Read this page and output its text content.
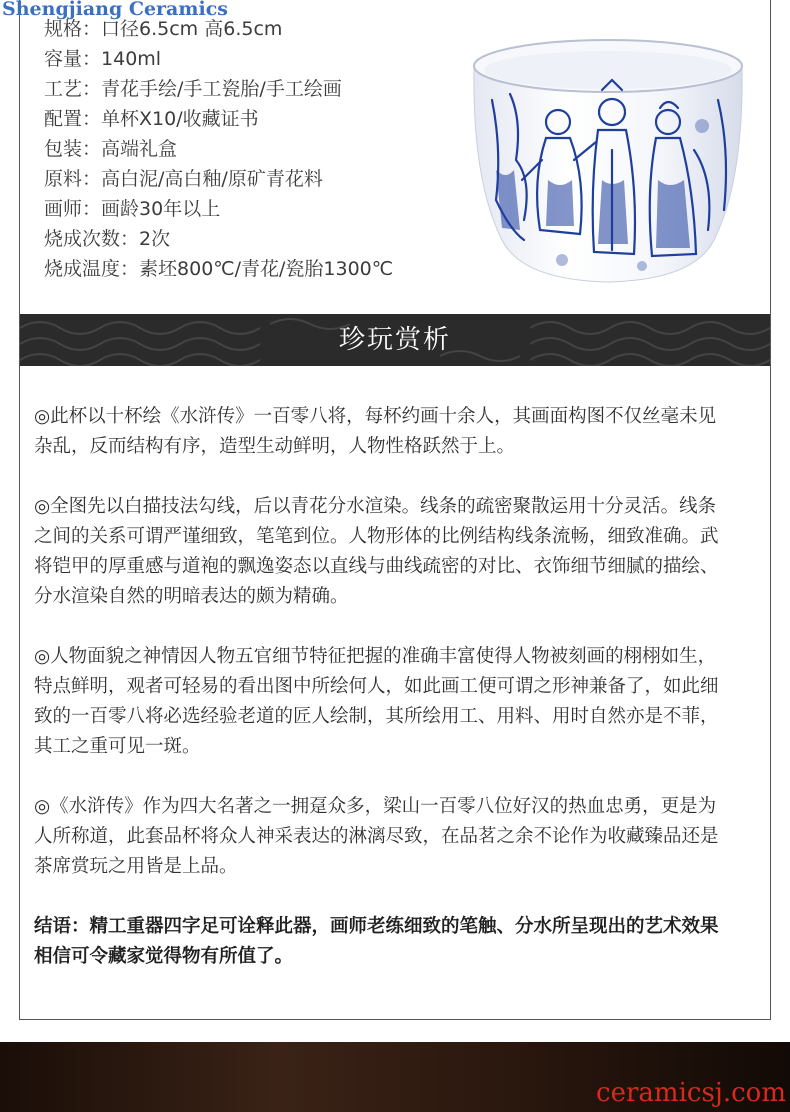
Shengjiang Ceramics
规格：口径6.5cm 高6.5cm
容量：140ml
工艺：青花手绘/手工瓷胎/手工绘画
配置：单杯X10/收藏证书
包装：高端礼盒
原料：高白泥/高白釉/原矿青花料
画师：画龄30年以上
烧成次数：2次
烧成温度：素坯800℃/青花/瓷胎1300℃
珍玩赏析

◎此杯以十杯绘《水浒传》一百零八将，每杯约画十余人，其画面构图不仅丝毫未见杂乱，反而结构有序，造型生动鲜明，人物性格跃然于上。

◎全图先以白描技法勾线，后以青花分水渲染。线条的疏密聚散运用十分灵活。线条之间的关系可谓严谨细致，笔笔到位。人物形体的比例结构线条流畅，细致准确。武将铠甲的厚重感与道袍的飘逸姿态以直线与曲线疏密的对比、衣饰细节细腻的描绘、分水渲染自然的明暗表达的颇为精确。

◎人物面貌之神情因人物五官细节特征把握的准确丰富使得人物被刻画的栩栩如生，特点鲜明，观者可轻易的看出图中所绘何人，如此画工便可谓之形神兼备了，如此细致的一百零八将必选经验老道的匠人绘制，其所绘用工、用料、用时自然亦是不菲，其工之重可见一斑。

◎《水浒传》作为四大名著之一拥趸众多，梁山一百零八位好汉的热血忠勇，更是为人所称道，此套品杯将众人神采表达的淋漓尽致，在品茗之余不论作为收藏臻品还是茶席赏玩之用皆是上品。

结语：精工重器四字足可诠释此器，画师老练细致的笔触、分水所呈现出的艺术效果相信可令藏家觉得物有所值了。

ceramicsj.com
